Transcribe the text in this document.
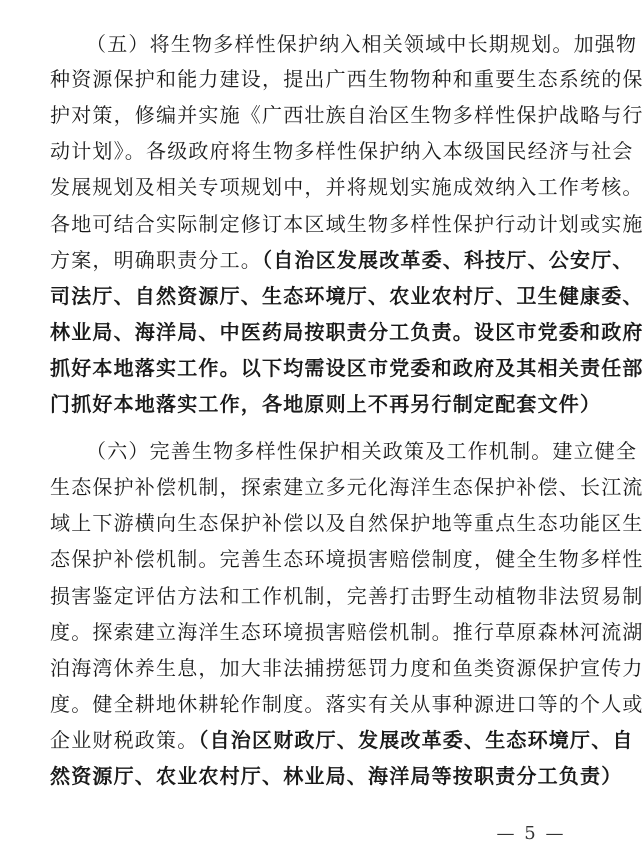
（五）将生物多样性保护纳入相关领域中长期规划。加强物
种资源保护和能力建设，提出广西生物物种和重要生态系统的保
护对策，修编并实施《广西壮族自治区生物多样性保护战略与行
动计划》。各级政府将生物多样性保护纳入本级国民经济与社会
发展规划及相关专项规划中，并将规划实施成效纳入工作考核。
各地可结合实际制定修订本区域生物多样性保护行动计划或实施
方案，明确职责分工。（自治区发展改革委、科技厅、公安厅、
司法厅、自然资源厅、生态环境厅、农业农村厅、卫生健康委、
林业局、海洋局、中医药局按职责分工负责。设区市党委和政府
抓好本地落实工作。以下均需设区市党委和政府及其相关责任部
门抓好本地落实工作，各地原则上不再另行制定配套文件）
（六）完善生物多样性保护相关政策及工作机制。建立健全
生态保护补偿机制，探索建立多元化海洋生态保护补偿、长江流
域上下游横向生态保护补偿以及自然保护地等重点生态功能区生
态保护补偿机制。完善生态环境损害赔偿制度，健全生物多样性
损害鉴定评估方法和工作机制，完善打击野生动植物非法贸易制
度。探索建立海洋生态环境损害赔偿机制。推行草原森林河流湖
泊海湾休养生息，加大非法捕捞惩罚力度和鱼类资源保护宣传力
度。健全耕地休耕轮作制度。落实有关从事种源进口等的个人或
企业财税政策。（自治区财政厅、发展改革委、生态环境厅、自
然资源厅、农业农村厅、林业局、海洋局等按职责分工负责）
— 5 —
